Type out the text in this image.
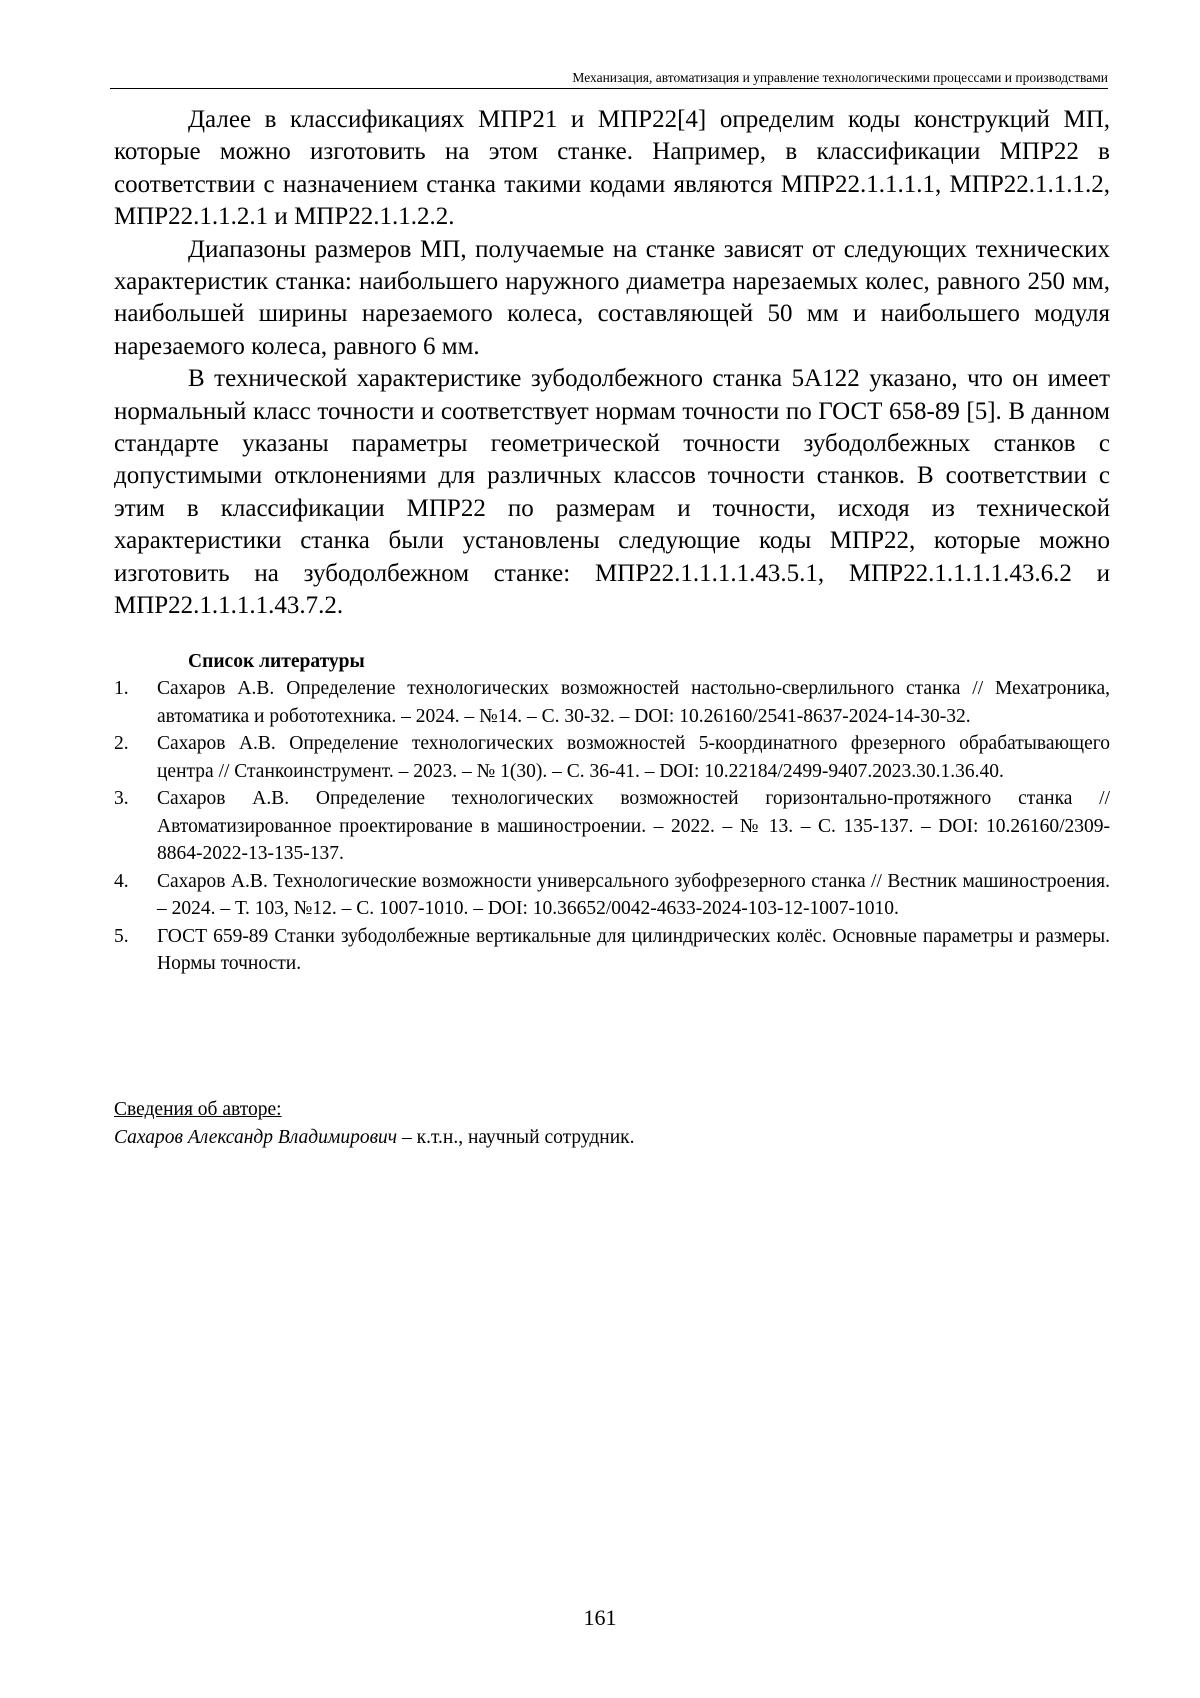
Механизация, автоматизация и управление технологическими процессами и производствами

Далее в классификациях МПР21 и МПР22[4] определим коды конструкций МП, которые можно изготовить на этом станке. Например, в классификации МПР22 в соответствии с назначением станка такими кодами являются МПР22.1.1.1.1, МПР22.1.1.1.2, МПР22.1.1.2.1 и МПР22.1.1.2.2.

Диапазоны размеров МП, получаемые на станке зависят от следующих технических характеристик станка: наибольшего наружного диаметра нарезаемых колес, равного 250 мм, наибольшей ширины нарезаемого колеса, составляющей 50 мм и наибольшего модуля нарезаемого колеса, равного 6 мм.

В технической характеристике зубодолбежного станка 5А122 указано, что он имеет нормальный класс точности и соответствует нормам точности по ГОСТ 658-89 [5]. В данном стандарте указаны параметры геометрической точности зубодолбежных станков с допустимыми отклонениями для различных классов точности станков. В соответствии с этим в классификации МПР22 по размерам и точности, исходя из технической характеристики станка были установлены следующие коды МПР22, которые можно изготовить на зубодолбежном станке: МПР22.1.1.1.1.43.5.1, МПР22.1.1.1.1.43.6.2 и МПР22.1.1.1.1.43.7.2.

Список литературы
1. Сахаров А.В. Определение технологических возможностей настольно-сверлильного станка // Мехатроника, автоматика и робототехника. – 2024. – №14. – С. 30-32. – DOI: 10.26160/2541-8637-2024-14-30-32.
2. Сахаров А.В. Определение технологических возможностей 5-координатного фрезерного обрабатывающего центра // Станкоинструмент. – 2023. – № 1(30). – С. 36-41. – DOI: 10.22184/2499-9407.2023.30.1.36.40.
3. Сахаров А.В. Определение технологических возможностей горизонтально-протяжного станка // Автоматизированное проектирование в машиностроении. – 2022. – № 13. – С. 135-137. – DOI: 10.26160/2309-8864-2022-13-135-137.
4. Сахаров А.В. Технологические возможности универсального зубофрезерного станка // Вестник машиностроения. – 2024. – Т. 103, №12. – С. 1007-1010. – DOI: 10.36652/0042-4633-2024-103-12-1007-1010.
5. ГОСТ 659-89 Станки зубодолбежные вертикальные для цилиндрических колёс. Основные параметры и размеры. Нормы точности.
Сведения об авторе:
Сахаров Александр Владимирович – к.т.н., научный сотрудник.
161
